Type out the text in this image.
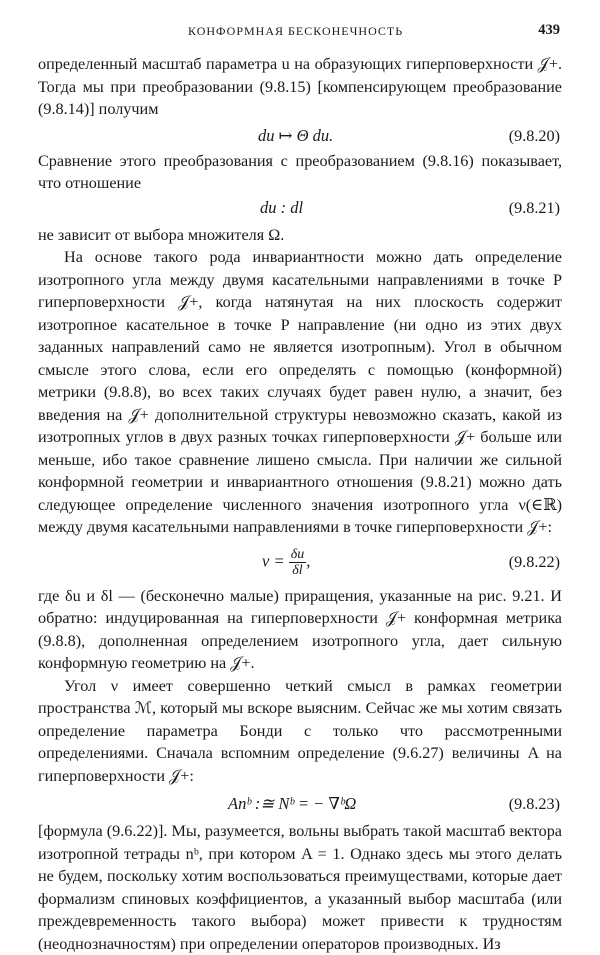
КОНФОРМНАЯ БЕСКОНЕЧНОСТЬ	439

определенный масштаб параметра u на образующих гиперповерхности 𝒥+. Тогда мы при преобразовании (9.8.15) [компенсирующем преобразование (9.8.14)] получим

du ↦ Θ du.	(9.8.20)

Сравнение этого преобразования с преобразованием (9.8.16) показывает, что отношение

du : dl	(9.8.21)

не зависит от выбора множителя Ω.

На основе такого рода инвариантности можно дать определение изотропного угла между двумя касательными направлениями в точке P гиперповерхности 𝒥+, когда натянутая на них плоскость содержит изотропное касательное в точке P направление (ни одно из этих двух заданных направлений само не является изотропным). Угол в обычном смысле этого слова, если его определять с помощью (конформной) метрики (9.8.8), во всех таких случаях будет равен нулю, а значит, без введения на 𝒥+ дополнительной структуры невозможно сказать, какой из изотропных углов в двух разных точках гиперповерхности 𝒥+ больше или меньше, ибо такое сравнение лишено смысла. При наличии же сильной конформной геометрии и инвариантного отношения (9.8.21) можно дать следующее определение численного значения изотропного угла ν(∈ℝ) между двумя касательными направлениями в точке гиперповерхности 𝒥+:

$\nu = \frac{\delta u}{\delta l}$ ,	(9.8.22)

где δu и δl — (бесконечно малые) приращения, указанные на рис. 9.21. И обратно: индуцированная на гиперповерхности 𝒥+ конформная метрика (9.8.8), дополненная определением изотропного угла, дает сильную конформную геометрию на 𝒥+.

Угол ν имеет совершенно четкий смысл в рамках геометрии пространства ℳ, который мы вскоре выясним. Сейчас же мы хотим связать определение параметра Бонди с только что рассмотренными определениями. Сначала вспомним определение (9.6.27) величины A на гиперповерхности 𝒥+:

Anᵇ :≅ Nᵇ = − ∇ᵇΩ	(9.8.23)

[формула (9.6.22)]. Мы, разумеется, вольны выбрать такой масштаб вектора изотропной тетрады nᵇ, при котором A = 1. Однако здесь мы этого делать не будем, поскольку хотим воспользоваться преимуществами, которые дает формализм спиновых коэффициентов, а указанный выбор масштаба (или преждевременность такого выбора) может привести к трудностям (неоднозначностям) при определении операторов производных. Из
